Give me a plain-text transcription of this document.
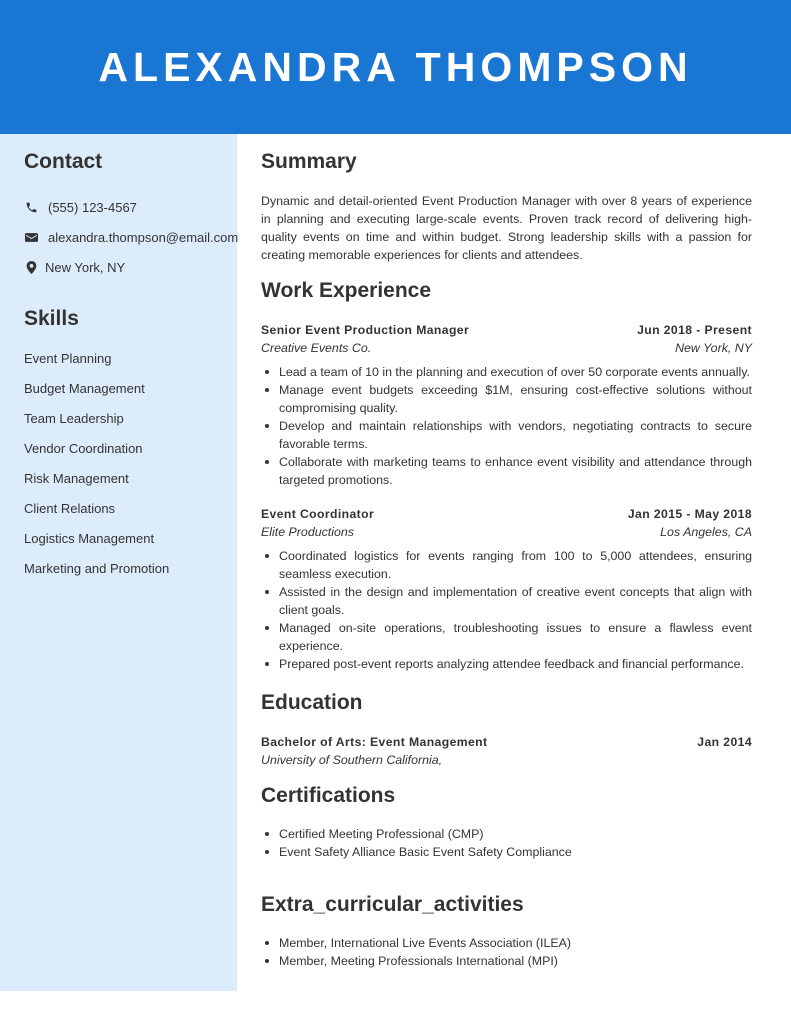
ALEXANDRA THOMPSON
Contact
(555) 123-4567
alexandra.thompson@email.com
New York, NY
Skills
Event Planning
Budget Management
Team Leadership
Vendor Coordination
Risk Management
Client Relations
Logistics Management
Marketing and Promotion
Summary

Dynamic and detail-oriented Event Production Manager with over 8 years of experience in planning and executing large-scale events. Proven track record of delivering high-quality events on time and within budget. Strong leadership skills with a passion for creating memorable experiences for clients and attendees.

Work Experience
Senior Event Production Manager	Jun 2018 - Present
Creative Events Co.	New York, NY
Lead a team of 10 in the planning and execution of over 50 corporate events annually.
Manage event budgets exceeding $1M, ensuring cost-effective solutions without compromising quality.
Develop and maintain relationships with vendors, negotiating contracts to secure favorable terms.
Collaborate with marketing teams to enhance event visibility and attendance through targeted promotions.
Event Coordinator	Jan 2015 - May 2018
Elite Productions	Los Angeles, CA
Coordinated logistics for events ranging from 100 to 5,000 attendees, ensuring seamless execution.
Assisted in the design and implementation of creative event concepts that align with client goals.
Managed on-site operations, troubleshooting issues to ensure a flawless event experience.
Prepared post-event reports analyzing attendee feedback and financial performance.
Education
Bachelor of Arts: Event Management	Jan 2014
University of Southern California,
Certifications
Certified Meeting Professional (CMP)
Event Safety Alliance Basic Event Safety Compliance
Extra_curricular_activities
Member, International Live Events Association (ILEA)
Member, Meeting Professionals International (MPI)
